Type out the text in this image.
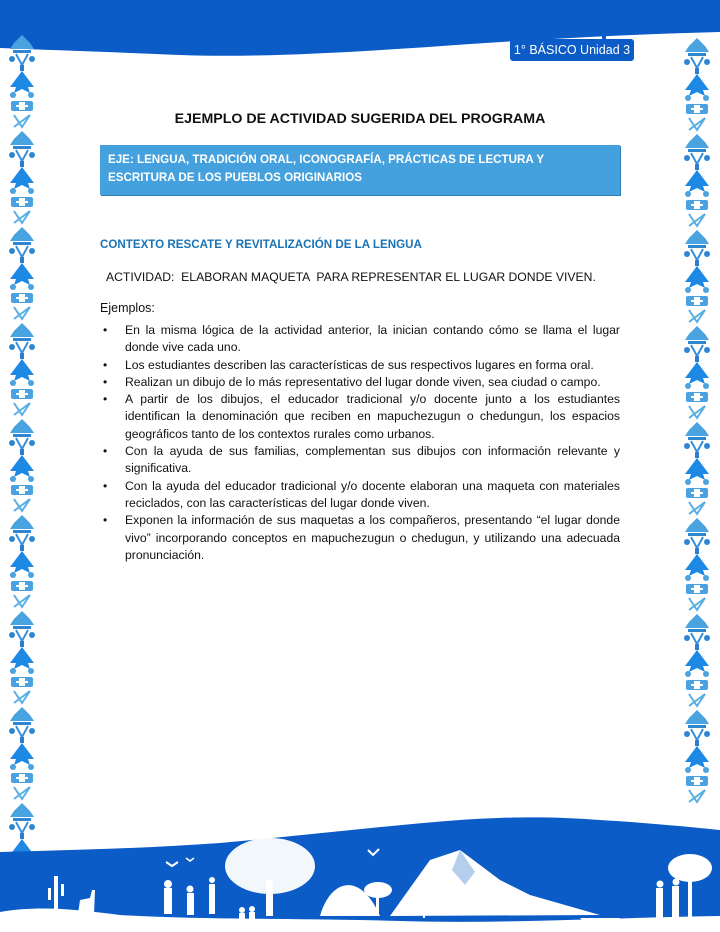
1° BÁSICO Unidad 3
EJEMPLO DE ACTIVIDAD SUGERIDA DEL PROGRAMA
EJE: LENGUA, TRADICIÓN ORAL, ICONOGRAFÍA, PRÁCTICAS DE LECTURA Y ESCRITURA DE LOS PUEBLOS ORIGINARIOS
CONTEXTO RESCATE Y REVITALIZACIÓN DE LA LENGUA
ACTIVIDAD:  ELABORAN MAQUETA  PARA REPRESENTAR EL LUGAR DONDE VIVEN.
Ejemplos:
• En la misma lógica de la actividad anterior, la inician contando cómo se llama el lugar donde vive cada uno.
• Los estudiantes describen las características de sus respectivos lugares en forma oral.
• Realizan un dibujo de lo más representativo del lugar donde viven, sea ciudad o campo.
• A partir de los dibujos, el educador tradicional y/o docente junto a los estudiantes identifican la denominación que reciben en mapuchezugun o chedungun, los espacios geográficos tanto de los contextos rurales como urbanos.
• Con la ayuda de sus familias, complementan sus dibujos con información relevante y significativa.
• Con la ayuda del educador tradicional y/o docente elaboran una maqueta con materiales reciclados, con las características del lugar donde viven.
• Exponen la información de sus maquetas a los compañeros, presentando “el lugar donde vivo” incorporando conceptos en mapuchezugun o chedugun, y utilizando una adecuada pronunciación.
